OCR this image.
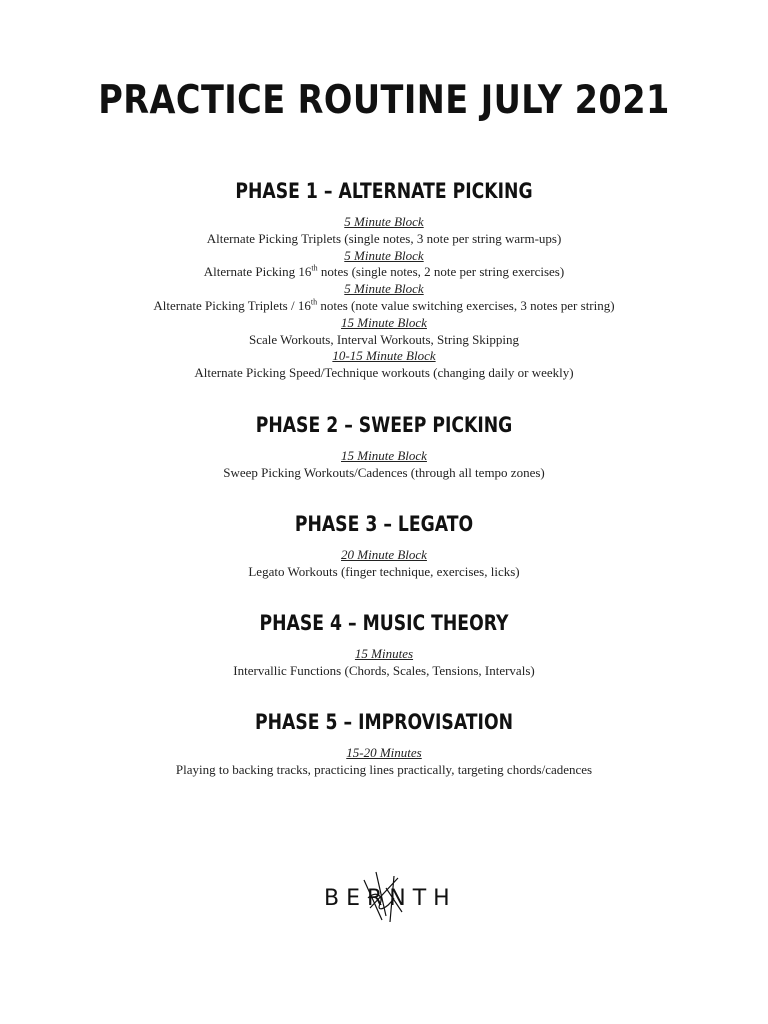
PRACTICE ROUTINE JULY 2021
PHASE 1 – ALTERNATE PICKING
5 Minute Block
Alternate Picking Triplets (single notes, 3 note per string warm-ups)
5 Minute Block
Alternate Picking 16th notes (single notes, 2 note per string exercises)
5 Minute Block
Alternate Picking Triplets / 16th notes (note value switching exercises, 3 notes per string)
15 Minute Block
Scale Workouts, Interval Workouts, String Skipping
10-15 Minute Block
Alternate Picking Speed/Technique workouts (changing daily or weekly)
PHASE 2 – SWEEP PICKING
15 Minute Block
Sweep Picking Workouts/Cadences (through all tempo zones)
PHASE 3 – LEGATO
20 Minute Block
Legato Workouts (finger technique, exercises, licks)
PHASE 4 – MUSIC THEORY
15 Minutes
Intervallic Functions (Chords, Scales, Tensions, Intervals)
PHASE 5 – IMPROVISATION
15-20 Minutes
Playing to backing tracks, practicing lines practically, targeting chords/cadences
BERNTH
